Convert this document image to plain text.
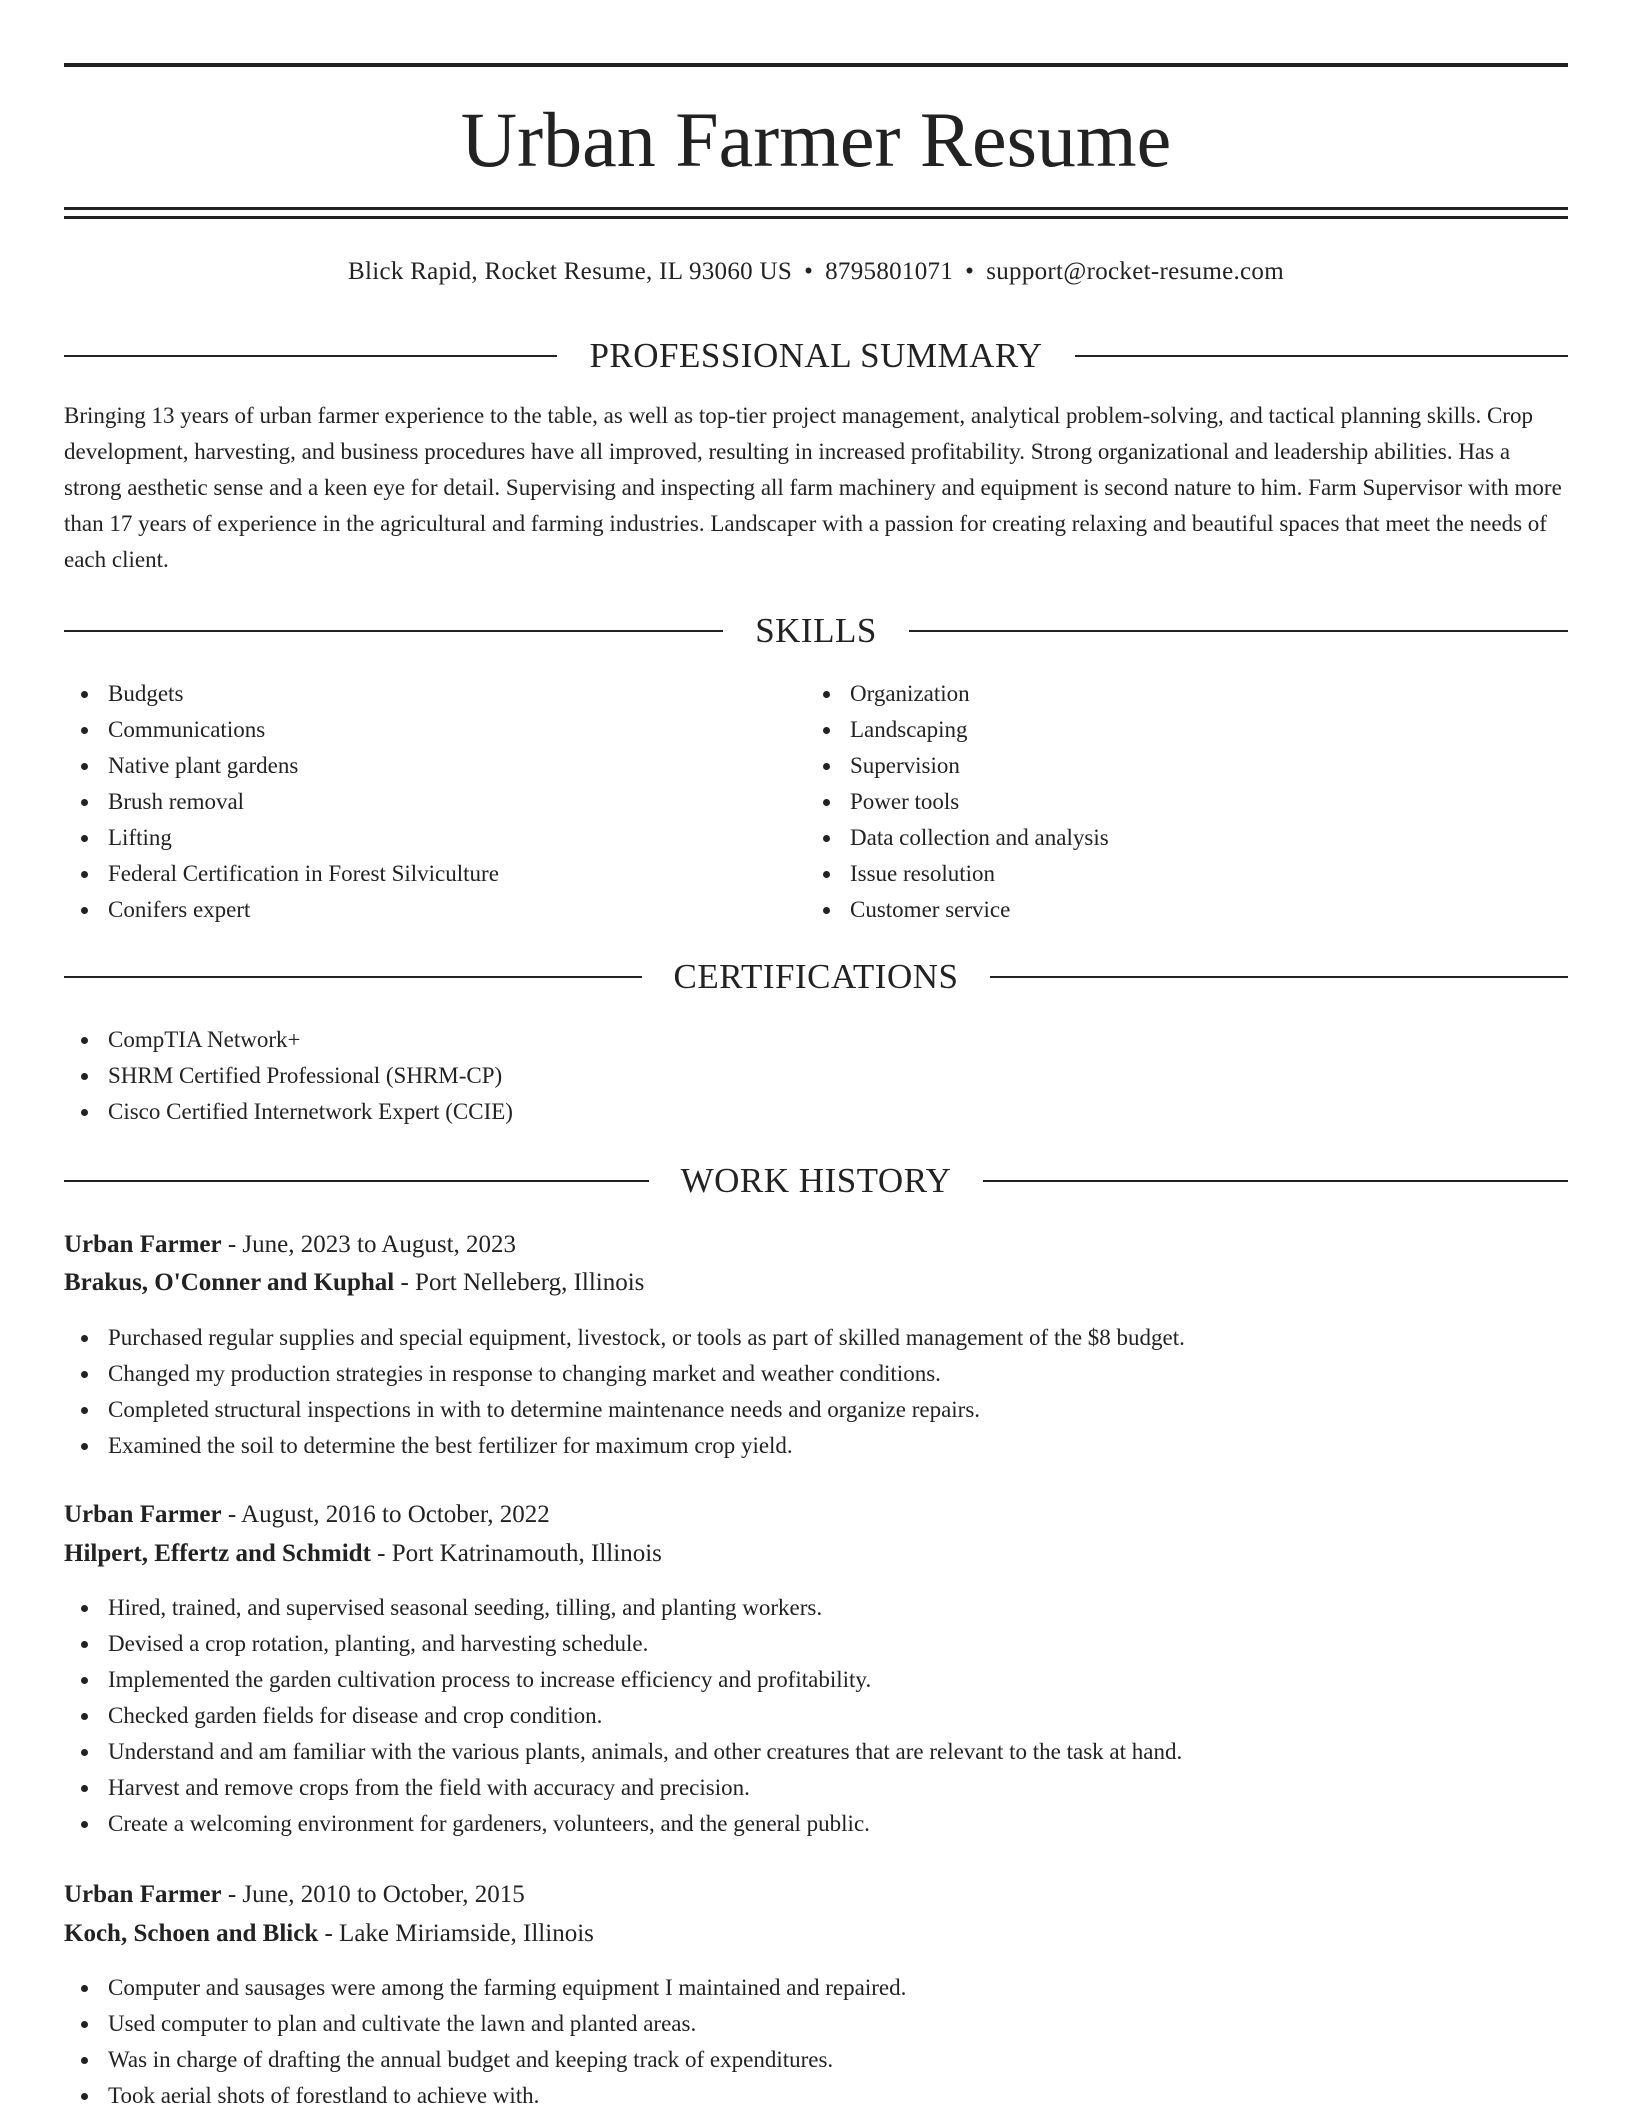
Urban Farmer Resume
Blick Rapid, Rocket Resume, IL 93060 US • 8795801071 • support@rocket-resume.com
PROFESSIONAL SUMMARY

Bringing 13 years of urban farmer experience to the table, as well as top-tier project management, analytical problem-solving, and tactical planning skills. Crop development, harvesting, and business procedures have all improved, resulting in increased profitability. Strong organizational and leadership abilities. Has a strong aesthetic sense and a keen eye for detail. Supervising and inspecting all farm machinery and equipment is second nature to him. Farm Supervisor with more than 17 years of experience in the agricultural and farming industries. Landscaper with a passion for creating relaxing and beautiful spaces that meet the needs of each client.

SKILLS
Budgets
Communications
Native plant gardens
Brush removal
Lifting
Federal Certification in Forest Silviculture
Conifers expert
Organization
Landscaping
Supervision
Power tools
Data collection and analysis
Issue resolution
Customer service
CERTIFICATIONS
CompTIA Network+
SHRM Certified Professional (SHRM-CP)
Cisco Certified Internetwork Expert (CCIE)
WORK HISTORY
Urban Farmer - June, 2023 to August, 2023
Brakus, O'Conner and Kuphal - Port Nelleberg, Illinois
Purchased regular supplies and special equipment, livestock, or tools as part of skilled management of the $8 budget.
Changed my production strategies in response to changing market and weather conditions.
Completed structural inspections in with to determine maintenance needs and organize repairs.
Examined the soil to determine the best fertilizer for maximum crop yield.
Urban Farmer - August, 2016 to October, 2022
Hilpert, Effertz and Schmidt - Port Katrinamouth, Illinois
Hired, trained, and supervised seasonal seeding, tilling, and planting workers.
Devised a crop rotation, planting, and harvesting schedule.
Implemented the garden cultivation process to increase efficiency and profitability.
Checked garden fields for disease and crop condition.
Understand and am familiar with the various plants, animals, and other creatures that are relevant to the task at hand.
Harvest and remove crops from the field with accuracy and precision.
Create a welcoming environment for gardeners, volunteers, and the general public.
Urban Farmer - June, 2010 to October, 2015
Koch, Schoen and Blick - Lake Miriamside, Illinois
Computer and sausages were among the farming equipment I maintained and repaired.
Used computer to plan and cultivate the lawn and planted areas.
Was in charge of drafting the annual budget and keeping track of expenditures.
Took aerial shots of forestland to achieve with.
